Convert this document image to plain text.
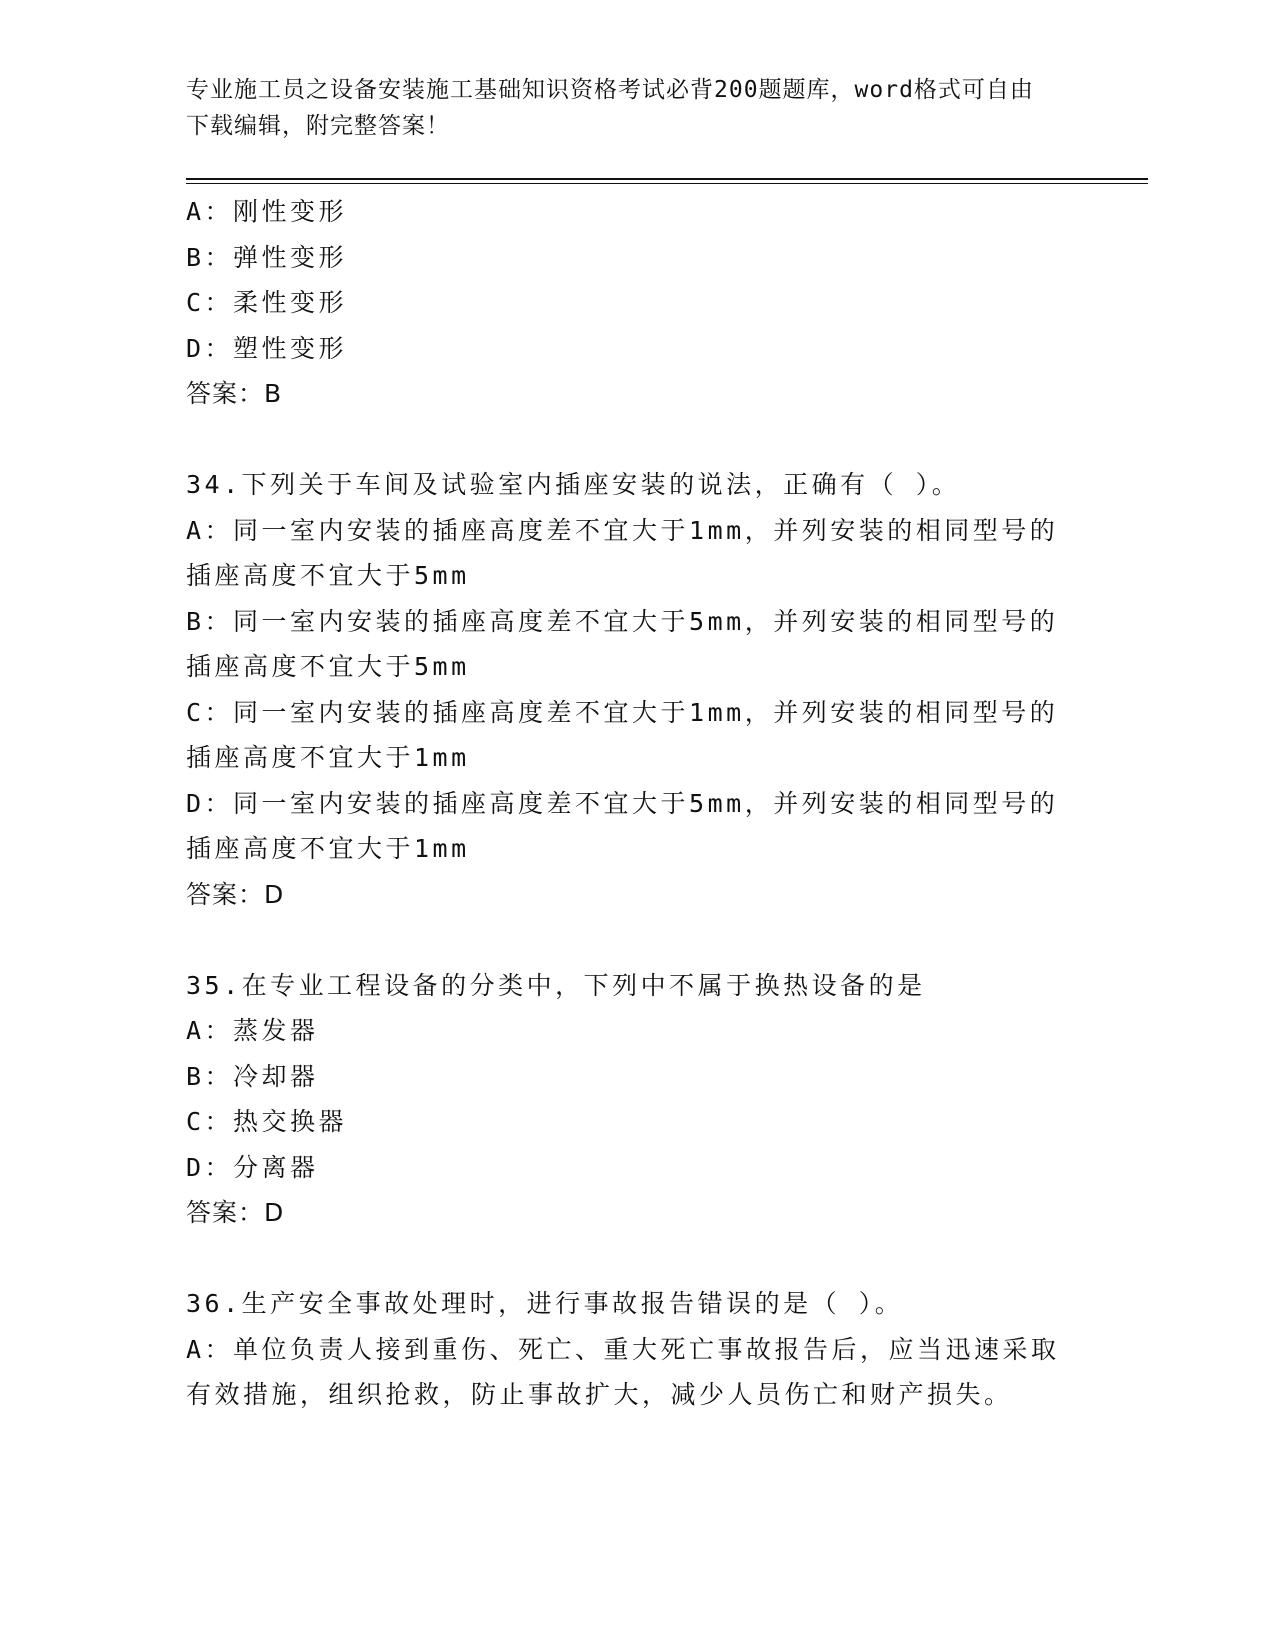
专业施工员之设备安装施工基础知识资格考试必背200题题库，word格式可自由
下载编辑，附完整答案！
A：刚性变形
B：弹性变形
C：柔性变形
D：塑性变形
答案：B
34.下列关于车间及试验室内插座安装的说法，正确有（ ）。
A：同一室内安装的插座高度差不宜大于1mm，并列安装的相同型号的
插座高度不宜大于5mm
B：同一室内安装的插座高度差不宜大于5mm，并列安装的相同型号的
插座高度不宜大于5mm
C：同一室内安装的插座高度差不宜大于1mm，并列安装的相同型号的
插座高度不宜大于1mm
D：同一室内安装的插座高度差不宜大于5mm，并列安装的相同型号的
插座高度不宜大于1mm
答案：D
35.在专业工程设备的分类中，下列中不属于换热设备的是
A：蒸发器
B：冷却器
C：热交换器
D：分离器
答案：D
36.生产安全事故处理时，进行事故报告错误的是（ ）。
A：单位负责人接到重伤、死亡、重大死亡事故报告后，应当迅速采取
有效措施，组织抢救，防止事故扩大，减少人员伤亡和财产损失。
